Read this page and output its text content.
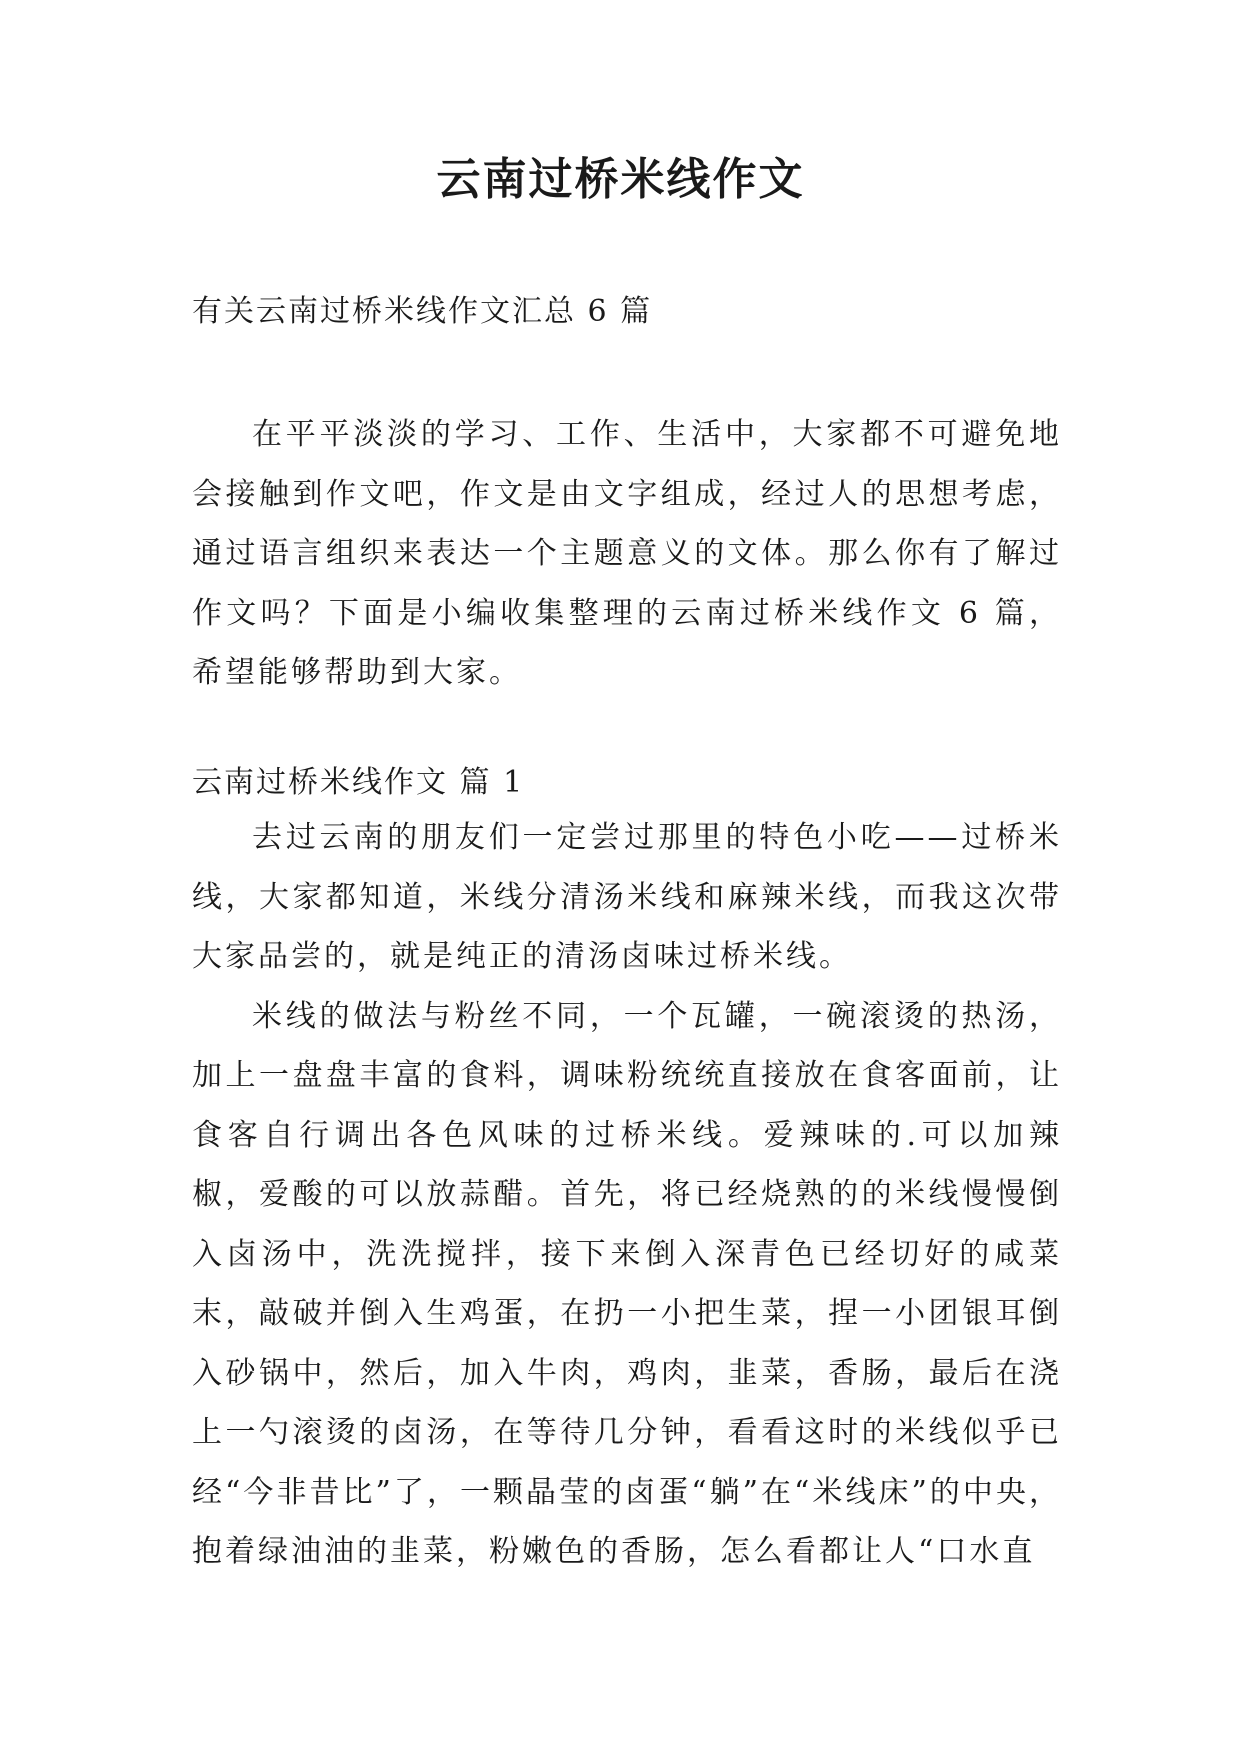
云南过桥米线作文

有关云南过桥米线作文汇总 6 篇

在平平淡淡的学习、工作、生活中，大家都不可避免地会接触到作文吧，作文是由文字组成，经过人的思想考虑，通过语言组织来表达一个主题意义的文体。那么你有了解过作文吗？下面是小编收集整理的云南过桥米线作文 6 篇，希望能够帮助到大家。

云南过桥米线作文 篇 1

去过云南的朋友们一定尝过那里的特色小吃——过桥米线，大家都知道，米线分清汤米线和麻辣米线，而我这次带大家品尝的，就是纯正的清汤卤味过桥米线。

米线的做法与粉丝不同，一个瓦罐，一碗滚烫的热汤，加上一盘盘丰富的食料，调味粉统统直接放在食客面前，让食客自行调出各色风味的过桥米线。爱辣味的.可以加辣椒，爱酸的可以放蒜醋。首先，将已经烧熟的的米线慢慢倒入卤汤中，洗洗搅拌，接下来倒入深青色已经切好的咸菜末，敲破并倒入生鸡蛋，在扔一小把生菜，捏一小团银耳倒入砂锅中，然后，加入牛肉，鸡肉，韭菜，香肠，最后在浇上一勺滚烫的卤汤，在等待几分钟，看看这时的米线似乎已经“今非昔比”了，一颗晶莹的卤蛋“躺”在“米线床”的中央，抱着绿油油的韭菜，粉嫩色的香肠，怎么看都让人“口水直
